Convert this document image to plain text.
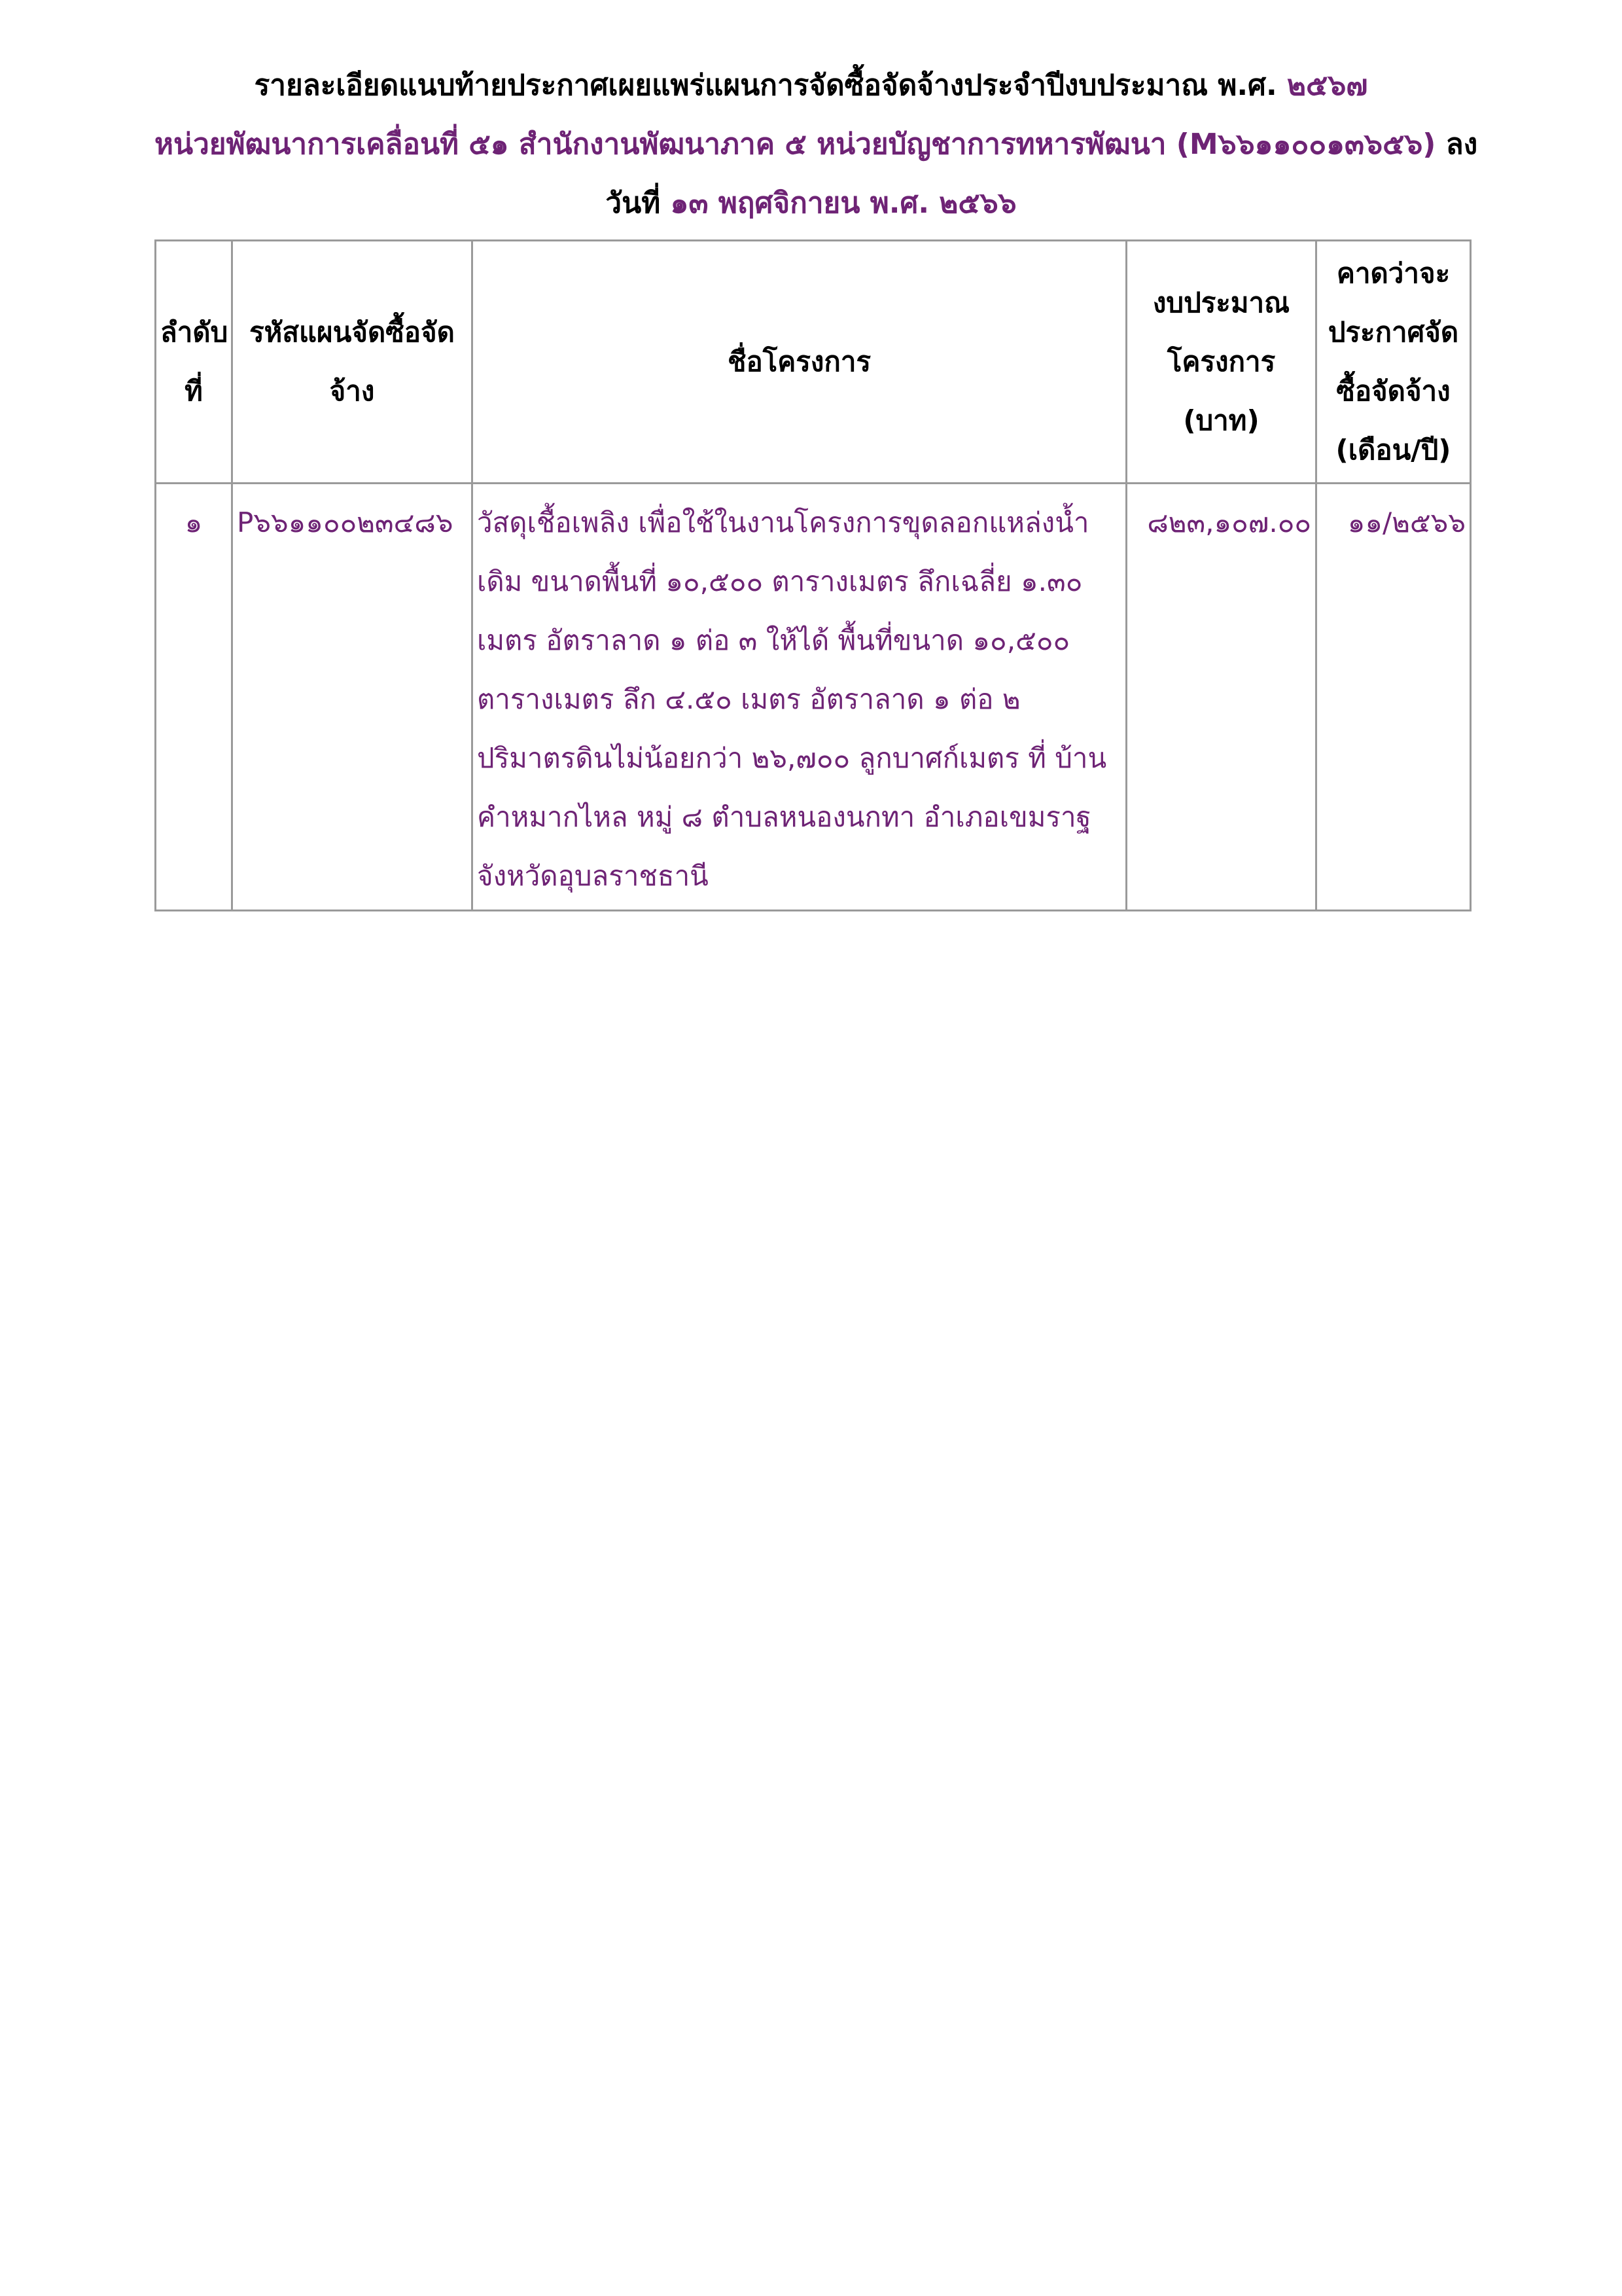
รายละเอียดแนบท้ายประกาศเผยแพร่แผนการจัดซื้อจัดจ้างประจำปีงบประมาณ พ.ศ. ๒๕๖๗
หน่วยพัฒนาการเคลื่อนที่ ๕๑ สำนักงานพัฒนาภาค ๕ หน่วยบัญชาการทหารพัฒนา (M๖๖๑๑๐๐๑๓๖๕๖) ลง
วันที่ ๑๓ พฤศจิกายน พ.ศ. ๒๕๖๖
ลำดับที่	รหัสแผนจัดซื้อจัดจ้าง	ชื่อโครงการ	งบประมาณโครงการ (บาท)	คาดว่าจะประกาศจัดซื้อจัดจ้าง (เดือน/ปี)
๑	P๖๖๑๑๐๐๒๓๔๘๖	วัสดุเชื้อเพลิง เพื่อใช้ในงานโครงการขุดลอกแหล่งน้ำเดิม ขนาดพื้นที่ ๑๐,๕๐๐ ตารางเมตร ลึกเฉลี่ย ๑.๓๐ เมตร อัตราลาด ๑ ต่อ ๓ ให้ได้ พื้นที่ขนาด ๑๐,๕๐๐ ตารางเมตร ลึก ๔.๕๐ เมตร อัตราลาด ๑ ต่อ ๒ ปริมาตรดินไม่น้อยกว่า ๒๖,๗๐๐ ลูกบาศก์เมตร ที่ บ้านคำหมากไหล หมู่ ๘ ตำบลหนองนกทา อำเภอเขมราฐ จังหวัดอุบลราชธานี	๘๒๓,๑๐๗.๐๐	๑๑/๒๕๖๖
